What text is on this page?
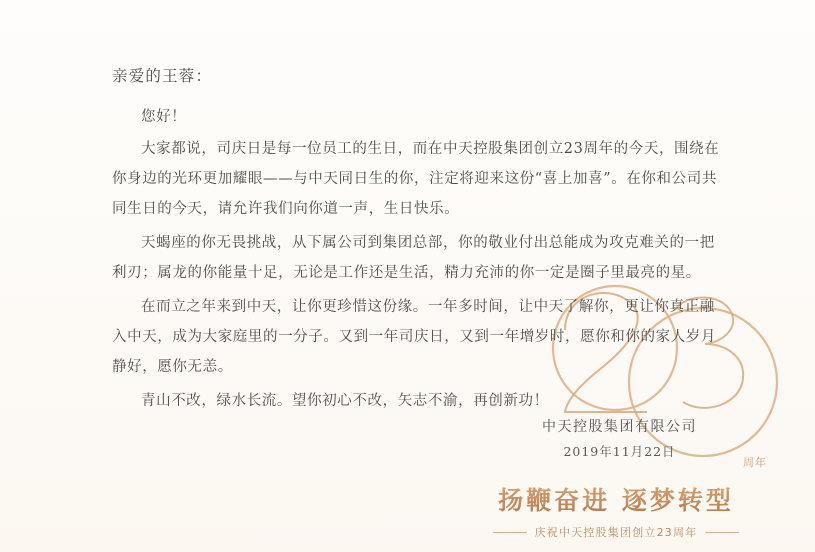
周年

亲爱的王蓉：

您好！

大家都说，司庆日是每一位员工的生日，而在中天控股集团创立23周年的今天，围绕在你身边的光环更加耀眼——与中天同日生的你，注定将迎来这份“喜上加喜”。在你和公司共同生日的今天，请允许我们向你道一声，生日快乐。

天蝎座的你无畏挑战，从下属公司到集团总部，你的敬业付出总能成为攻克难关的一把利刃；属龙的你能量十足，无论是工作还是生活，精力充沛的你一定是圈子里最亮的星。

在而立之年来到中天，让你更珍惜这份缘。一年多时间，让中天了解你，更让你真正融入中天，成为大家庭里的一分子。又到一年司庆日，又到一年增岁时，愿你和你的家人岁月静好，愿你无恙。

青山不改，绿水长流。望你初心不改，矢志不渝，再创新功！

中天控股集团有限公司
2019年11月22日
扬鞭奋进 逐梦转型
庆祝中天控股集团创立23周年
